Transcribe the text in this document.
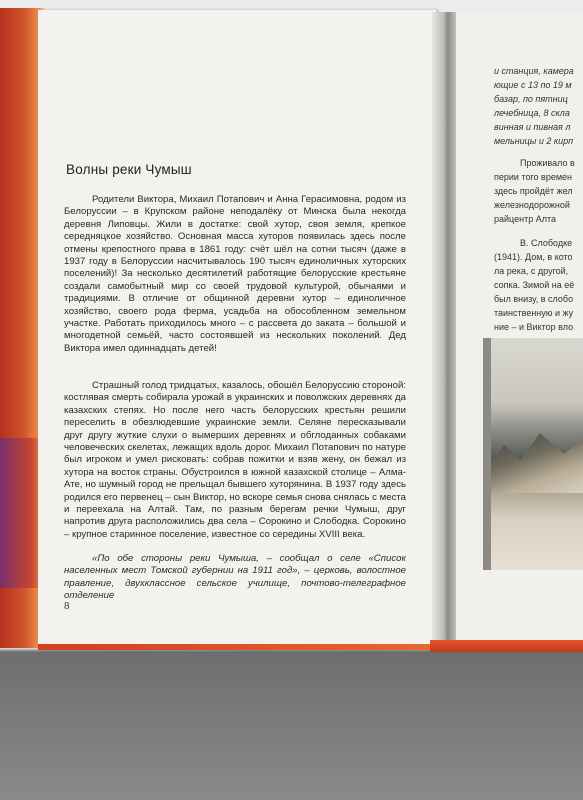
Волны реки Чумыш

Родители Виктора, Михаил Потапович и Анна Герасимовна, родом из Белоруссии – в Крупском районе неподалёку от Минска была некогда деревня Липовцы. Жили в достатке: свой хутор, своя земля, крепкое середняцкое хозяйство. Основная масса хуторов появилась здесь после отмены крепостного права в 1861 году: счёт шёл на сотни тысяч (даже в 1937 году в Белоруссии насчитывалось 190 тысяч единоличных хуторских поселений)! За несколько десятилетий работящие белорусские крестьяне создали самобытный мир со своей трудовой культурой, обычаями и традициями. В отличие от общинной деревни хутор – единоличное хозяйство, своего рода ферма, усадьба на обособленном земельном участке. Работать приходилось много – с рассвета до заката – большой и многодетной семьёй, часто состоявшей из нескольких поколений. Дед Виктора имел одиннадцать детей!

Страшный голод тридцатых, казалось, обошёл Белоруссию стороной: костлявая смерть собирала урожай в украинских и поволжских деревнях да казахских степях. Но после него часть белорусских крестьян решили переселить в обезлюдевшие украинские земли. Селяне пересказывали друг другу жуткие слухи о вымерших деревнях и обглоданных собаками человеческих скелетах, лежащих вдоль дорог. Михаил Потапович по натуре был игроком и умел рисковать: собрав пожитки и взяв жену, он бежал из хутора на восток страны. Обустроился в южной казахской столице – Алма-Ате, но шумный город не прельщал бывшего хуторянина. В 1937 году здесь родился его первенец – сын Виктор, но вскоре семья снова снялась с места и переехала на Алтай. Там, по разным берегам речки Чумыш, друг напротив друга расположились два села – Сорокино и Слободка. Сорокино – крупное старинное поселение, известное со середины XVIII века.

«По обе стороны реки Чумыша, – сообщал о селе «Список населенных мест Томской губернии на 1911 год», – церковь, волостное правление, двухклассное сельское училище, почтово-телеграфное отделение

8
и станция, камера
ющие с 13 по 19 м
базар, по пятниц
лечебница, 8 скла
винная и пивная л
мельницы и 2 кирп
Проживало в
перии того времен
здесь пройдёт жел
железнодорожной
райцентр Алта
В. Слободке
(1941). Дом, в кото
ла река, с другой,
сопка. Зимой на её
был внизу, в слобо
таинственную и жу
ние – и Виктор вло
